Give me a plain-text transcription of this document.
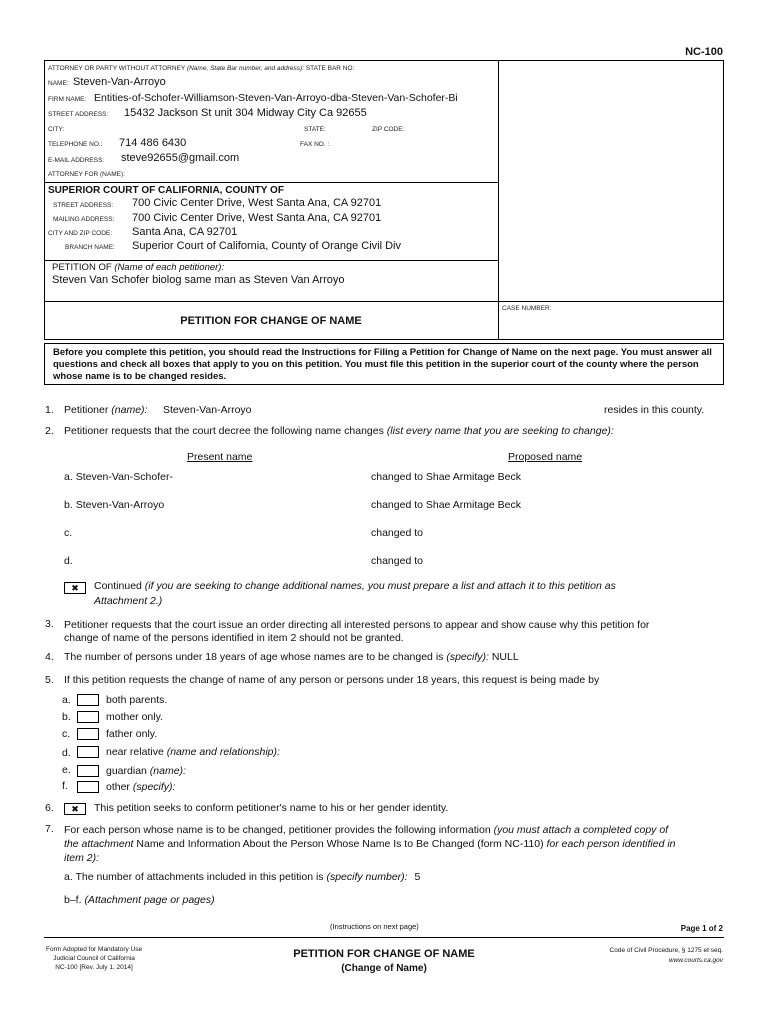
NC-100
ATTORNEY OR PARTY WITHOUT ATTORNEY (Name, State Bar number, and address): STATE BAR NO:
NAME: Steven-Van-Arroyo
FIRM NAME: Entities-of-Schofer-Williamson-Steven-Van-Arroyo-dba-Steven-Van-Schofer-Bi
STREET ADDRESS: 15432 Jackson St unit 304 Midway City Ca 92655
CITY:	STATE:	ZIP CODE:
TELEPHONE NO.: 714 486 6430	FAX NO. :
E-MAIL ADDRESS: steve92655@gmail.com
ATTORNEY FOR (NAME):
SUPERIOR COURT OF CALIFORNIA, COUNTY OF
STREET ADDRESS: 700 Civic Center Drive, West Santa Ana, CA 92701
MAILING ADDRESS: 700 Civic Center Drive, West Santa Ana, CA 92701
CITY AND ZIP CODE: Santa Ana, CA 92701
BRANCH NAME: Superior Court of California, County of Orange Civil Div
PETITION OF (Name of each petitioner):
Steven Van Schofer biolog same man as Steven Van Arroyo
PETITION FOR CHANGE OF NAME
CASE NUMBER:
Before you complete this petition, you should read the Instructions for Filing a Petition for Change of Name on the next page. You must answer all questions and check all boxes that apply to you on this petition. You must file this petition in the superior court of the county where the person whose name is to be changed resides.
1. Petitioner (name): Steven-Van-Arroyo	resides in this county.
2. Petitioner requests that the court decree the following name changes (list every name that you are seeking to change):
Present name	Proposed name
a. Steven-Van-Schofer-	changed to Shae Armitage Beck
b. Steven-Van-Arroyo	changed to Shae Armitage Beck
c.	changed to
d.	changed to
✖	Continued (if you are seeking to change additional names, you must prepare a list and attach it to this petition as
Attachment 2.)
3. Petitioner requests that the court issue an order directing all interested persons to appear and show cause why this petition for
change of name of the persons identified in item 2 should not be granted.
4. The number of persons under 18 years of age whose names are to be changed is (specify): NULL
5. If this petition requests the change of name of any person or persons under 18 years, this request is being made by
a.	both parents.
b.	mother only.
c.	father only.
d.	near relative (name and relationship):
e.	guardian (name):
f.	other (specify):
6.	✖	This petition seeks to conform petitioner's name to his or her gender identity.
7. For each person whose name is to be changed, petitioner provides the following information (you must attach a completed copy of
the attachment Name and Information About the Person Whose Name Is to Be Changed (form NC-110) for each person identified in
item 2):
a. The number of attachments included in this petition is (specify number): 5
b–f. (Attachment page or pages)
(Instructions on next page)	Page 1 of 2
Form Adopted for Mandatory Use
Judicial Council of California
NC-100 [Rev. July 1, 2014]
PETITION FOR CHANGE OF NAME
(Change of Name)
Code of Civil Procedure, § 1275 et seq.
www.courts.ca.gov
